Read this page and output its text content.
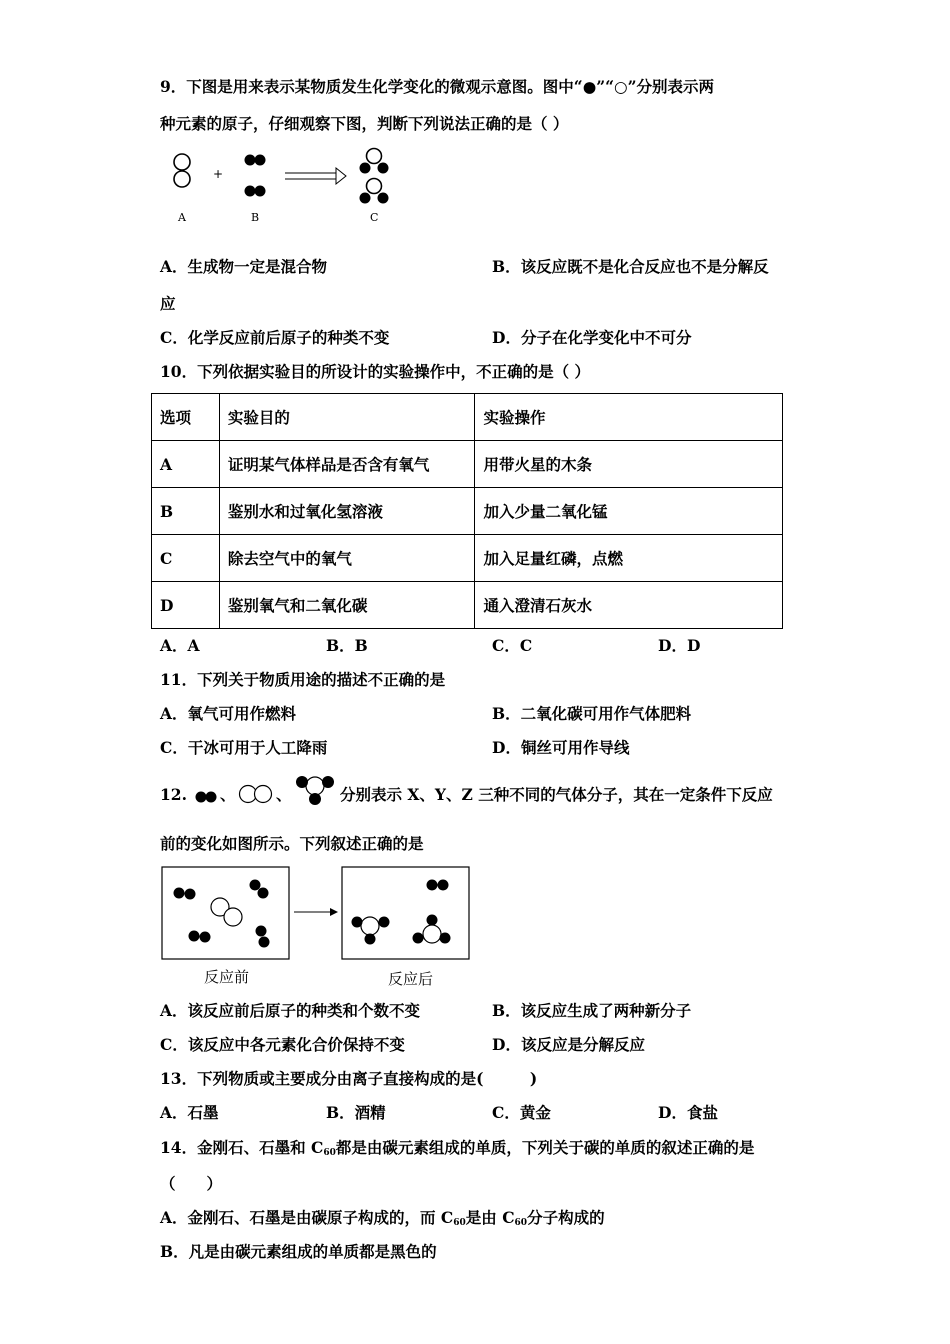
9．下图是用来表示某物质发生化学变化的微观示意图。图中“●”“○”分别表示两
种元素的原子，仔细观察下图，判断下列说法正确的是（ ）
+
A	B	C
A．生成物一定是混合物	B．该反应既不是化合反应也不是分解反
应
C．化学反应前后原子的种类不变	D．分子在化学变化中不可分
10．下列依据实验目的所设计的实验操作中，不正确的是（ ）
选项	实验目的	实验操作
A	证明某气体样品是否含有氧气	用带火星的木条
B	鉴别水和过氧化氢溶液	加入少量二氧化锰
C	除去空气中的氧气	加入足量红磷，点燃
D	鉴别氧气和二氧化碳	通入澄清石灰水
A．A	B．B	C．C	D．D
11．下列关于物质用途的描述不正确的是
A．氧气可用作燃料	B．二氧化碳可用作气体肥料
C．干冰可用于人工降雨	D．铜丝可用作导线
12. 、	、	分别表示 X、Y、Z 三种不同的气体分子，其在一定条件下反应
前的变化如图所示。下列叙述正确的是
反应前	反应后
A．该反应前后原子的种类和个数不变	B．该反应生成了两种新分子
C．该反应中各元素化合价保持不变	D．该反应是分解反应
13．下列物质或主要成分由离子直接构成的是(　　　)
A．石墨	B．酒精	C．黄金	D．食盐
14．金刚石、石墨和 $C_{60}$都是由碳元素组成的单质，下列关于碳的单质的叙述正确的是
（　　）
A．金刚石、石墨是由碳原子构成的，而 $C_{60}$是由 $C_{60}$分子构成的
B．凡是由碳元素组成的单质都是黑色的
